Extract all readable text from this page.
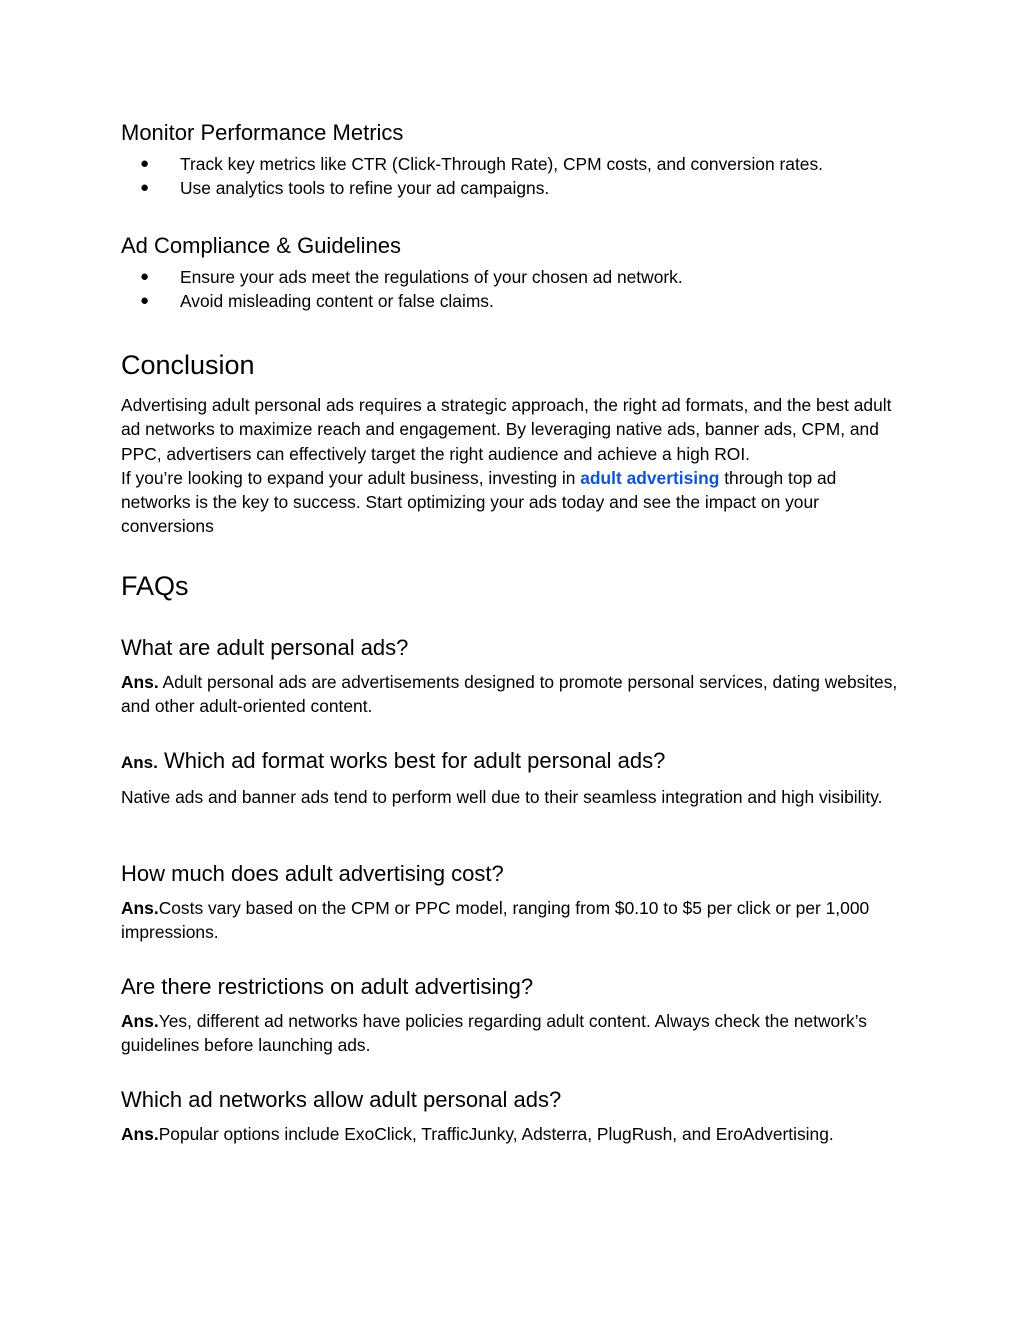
Monitor Performance Metrics
● Track key metrics like CTR (Click-Through Rate), CPM costs, and conversion rates.
● Use analytics tools to refine your ad campaigns.
Ad Compliance & Guidelines
● Ensure your ads meet the regulations of your chosen ad network.
● Avoid misleading content or false claims.
Conclusion

Advertising adult personal ads requires a strategic approach, the right ad formats, and the best adult ad networks to maximize reach and engagement. By leveraging native ads, banner ads, CPM, and PPC, advertisers can effectively target the right audience and achieve a high ROI.

If you’re looking to expand your adult business, investing in adult advertising through top ad networks is the key to success. Start optimizing your ads today and see the impact on your conversions

FAQs
What are adult personal ads?

Ans. Adult personal ads are advertisements designed to promote personal services, dating websites, and other adult-oriented content.

Ans. Which ad format works best for adult personal ads?

Native ads and banner ads tend to perform well due to their seamless integration and high visibility.

How much does adult advertising cost?

Ans.Costs vary based on the CPM or PPC model, ranging from $0.10 to $5 per click or per 1,000 impressions.

Are there restrictions on adult advertising?

Ans.Yes, different ad networks have policies regarding adult content. Always check the network’s guidelines before launching ads.

Which ad networks allow adult personal ads?

Ans.Popular options include ExoClick, TrafficJunky, Adsterra, PlugRush, and EroAdvertising.
